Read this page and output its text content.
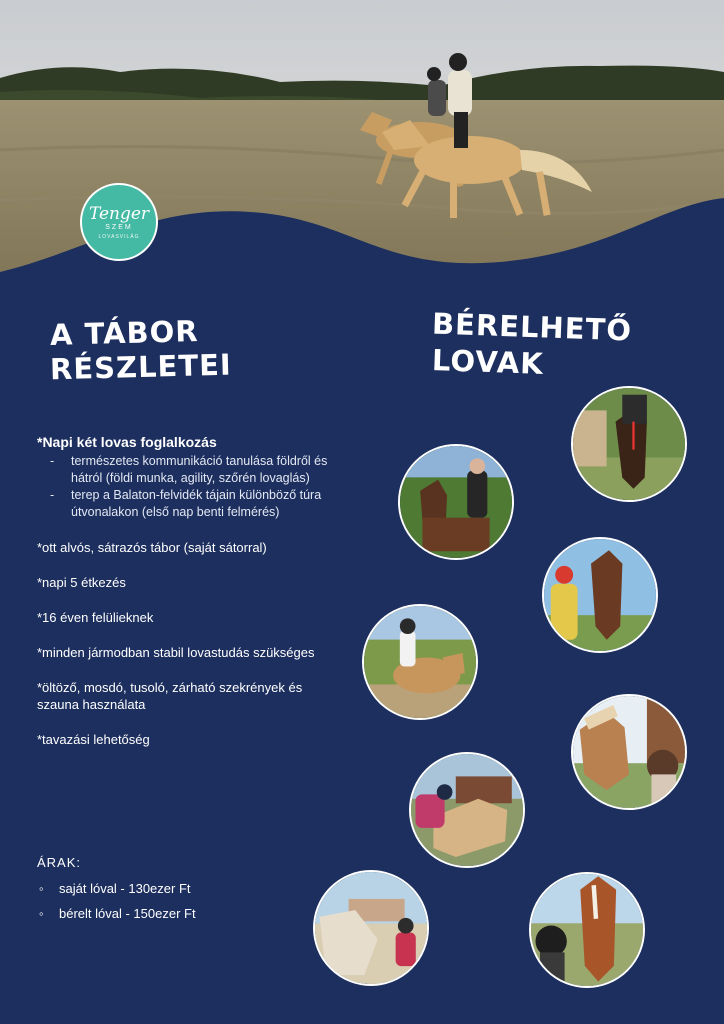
Tenger
SZEM
LOVASVILÁG
A TÁBOR
RÉSZLETEI
BÉRELHETŐ
LOVAK
*Napi két lovas foglalkozás
- természetes kommunikáció tanulása földről és hátról (földi munka, agility, szőrén lovaglás)
- terep a Balaton-felvidék tájain különböző túra útvonalakon (első nap benti felmérés)
*ott alvós, sátrazós tábor (saját sátorral)
*napi 5 étkezés
*16 éven felülieknek
*minden jármodban stabil lovastudás szükséges
*öltöző, mosdó, tusoló, zárható szekrények és szauna használata
*tavazási lehetőség
ÁRAK:
◦ saját lóval - 130ezer Ft
◦ bérelt lóval - 150ezer Ft
